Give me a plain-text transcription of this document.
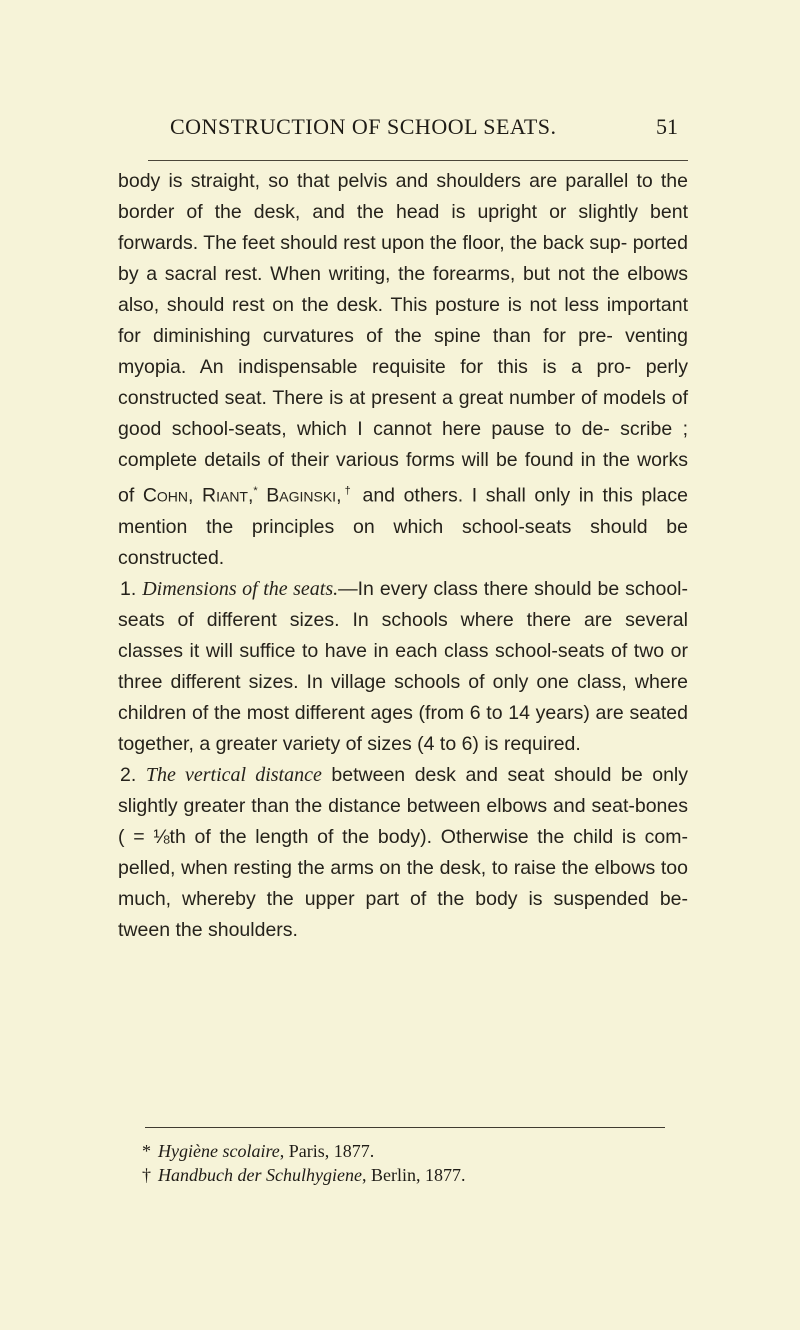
CONSTRUCTION OF SCHOOL SEATS.	51

body is straight, so that pelvis and shoulders are parallel to the border of the desk, and the head is upright or slightly bent forwards. The feet should rest upon the floor, the back sup- ported by a sacral rest. When writing, the forearms, but not the elbows also, should rest on the desk. This posture is not less important for diminishing curvatures of the spine than for pre- venting myopia. An indispensable requisite for this is a pro- perly constructed seat. There is at present a great number of models of good school-seats, which I cannot here pause to de- scribe ; complete details of their various forms will be found in the works of Cohn, Riant,* Baginski,† and others. I shall only in this place mention the principles on which school-seats should be constructed.

1. Dimensions of the seats.—In every class there should be school-seats of different sizes. In schools where there are several classes it will suffice to have in each class school-seats of two or three different sizes. In village schools of only one class, where children of the most different ages (from 6 to 14 years) are seated together, a greater variety of sizes (4 to 6) is required.

2. The vertical distance between desk and seat should be only slightly greater than the distance between elbows and seat-bones ( = ⅛th of the length of the body). Otherwise the child is com- pelled, when resting the arms on the desk, to raise the elbows too much, whereby the upper part of the body is suspended be- tween the shoulders.

* Hygiène scolaire, Paris, 1877.
† Handbuch der Schulhygiene, Berlin, 1877.
